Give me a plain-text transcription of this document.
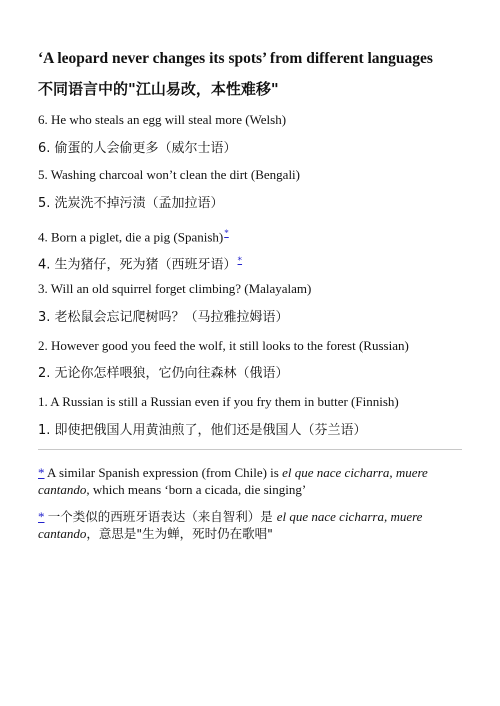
‘A leopard never changes its spots’ from different languages
不同语言中的"江山易改，本性难移"
6. He who steals an egg will steal more (Welsh)
6. 偷蛋的人会偷更多（威尔士语）
5. Washing charcoal won’t clean the dirt (Bengali)
5. 洗炭洗不掉污渍（孟加拉语）
4. Born a piglet, die a pig (Spanish)*
4. 生为猪仔，死为猪（西班牙语）*
3. Will an old squirrel forget climbing? (Malayalam)
3. 老松鼠会忘记爬树吗？（马拉雅拉姆语）
2. However good you feed the wolf, it still looks to the forest (Russian)
2. 无论你怎样喂狼，它仍向往森林（俄语）
1. A Russian is still a Russian even if you fry them in butter (Finnish)
1. 即使把俄国人用黄油煎了，他们还是俄国人（芬兰语）
* A similar Spanish expression (from Chile) is el que nace cicharra, muere cantando, which means ‘born a cicada, die singing’
* 一个类似的西班牙语表达（来自智利）是 el que nace cicharra, muere cantando，意思是"生为蝉，死时仍在歌唱"
